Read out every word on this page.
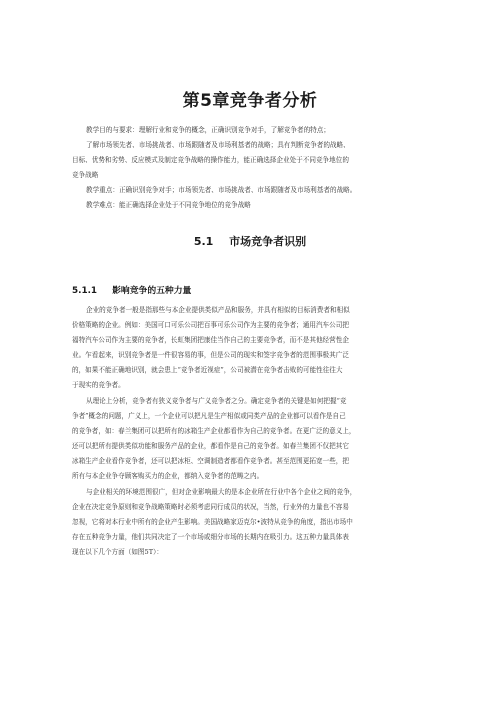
第5章竞争者分析
教学目的与要求：理解行业和竞争的概念，正确识别竞争对手，了解竞争者的特点；
了解市场领先者、市场挑战者、市场跟随者及市场利基者的战略；具有判断竞争者的战略、
目标、优势和劣势、反应模式及制定竞争战略的操作能力，能正确选择企业处于不同竞争地位的
竞争战略
教学重点：正确识别竞争对手；市场领先者、市场挑战者、市场跟随者及市场利基者的战略。
教学难点：能正确选择企业处于不同竞争地位的竞争战略
5.1 市场竞争者识别
5.1.1 影响竞争的五种力量
企业的竞争者一般是指那些与本企业提供类似产品和服务，并具有相似的目标消费者和相似
价格策略的企业。例如：美国可口可乐公司把百事可乐公司作为主要的竞争者；通用汽车公司把
福特汽车公司作为主要的竞争者，长虹集团把康佳当作自己的主要竞争者，而不是其他经营性企
业。乍看起来，识别竞争者是一件很容易的事，但是公司的现实和签字竞争者的范围事极其广泛
的，如果不能正确地识别，就会患上“竞争者近视症”，公司被潜在竞争者击败的可能性往往大
于现实的竞争者。
从理论上分析，竞争者有狭义竞争者与广义竞争者之分。确定竞争者的关键是如何把握“竞
争者”概念的问题，广义上，一个企业可以把凡是生产相似或同类产品的企业都可以看作是自己
的竞争者，如：春兰集团可以把所有的冰箱生产企业都看作为自己的竞争者。在更广泛的意义上，
还可以把所有提供类似功能和服务产品的企业，都看作是自己的竞争者。如春兰集团不仅把其它
冰箱生产企业看作竞争者，还可以把冰柜、空调制造者都看作竞争者。甚至范围更拓宽一些，把
所有与本企业争夺顾客购买力的企业，都纳入竞争者的范畴之内。
与企业相关的环境范围很广，但对企业影响最大的是本企业所在行业中各个企业之间的竞争，
企业在决定竞争原则和竞争战略策略时必须考虑同行成员的状况，当然，行业外的力量也不容易
忽视，它将对本行业中所有的企业产生影响。美国战略家迈克尔•波特从竞争的角度，指出市场中
存在五种竞争力量，他们共同决定了一个市场或细分市场的长期内在吸引力。这五种力量具体表
现在以下几个方面（如图5T）：
